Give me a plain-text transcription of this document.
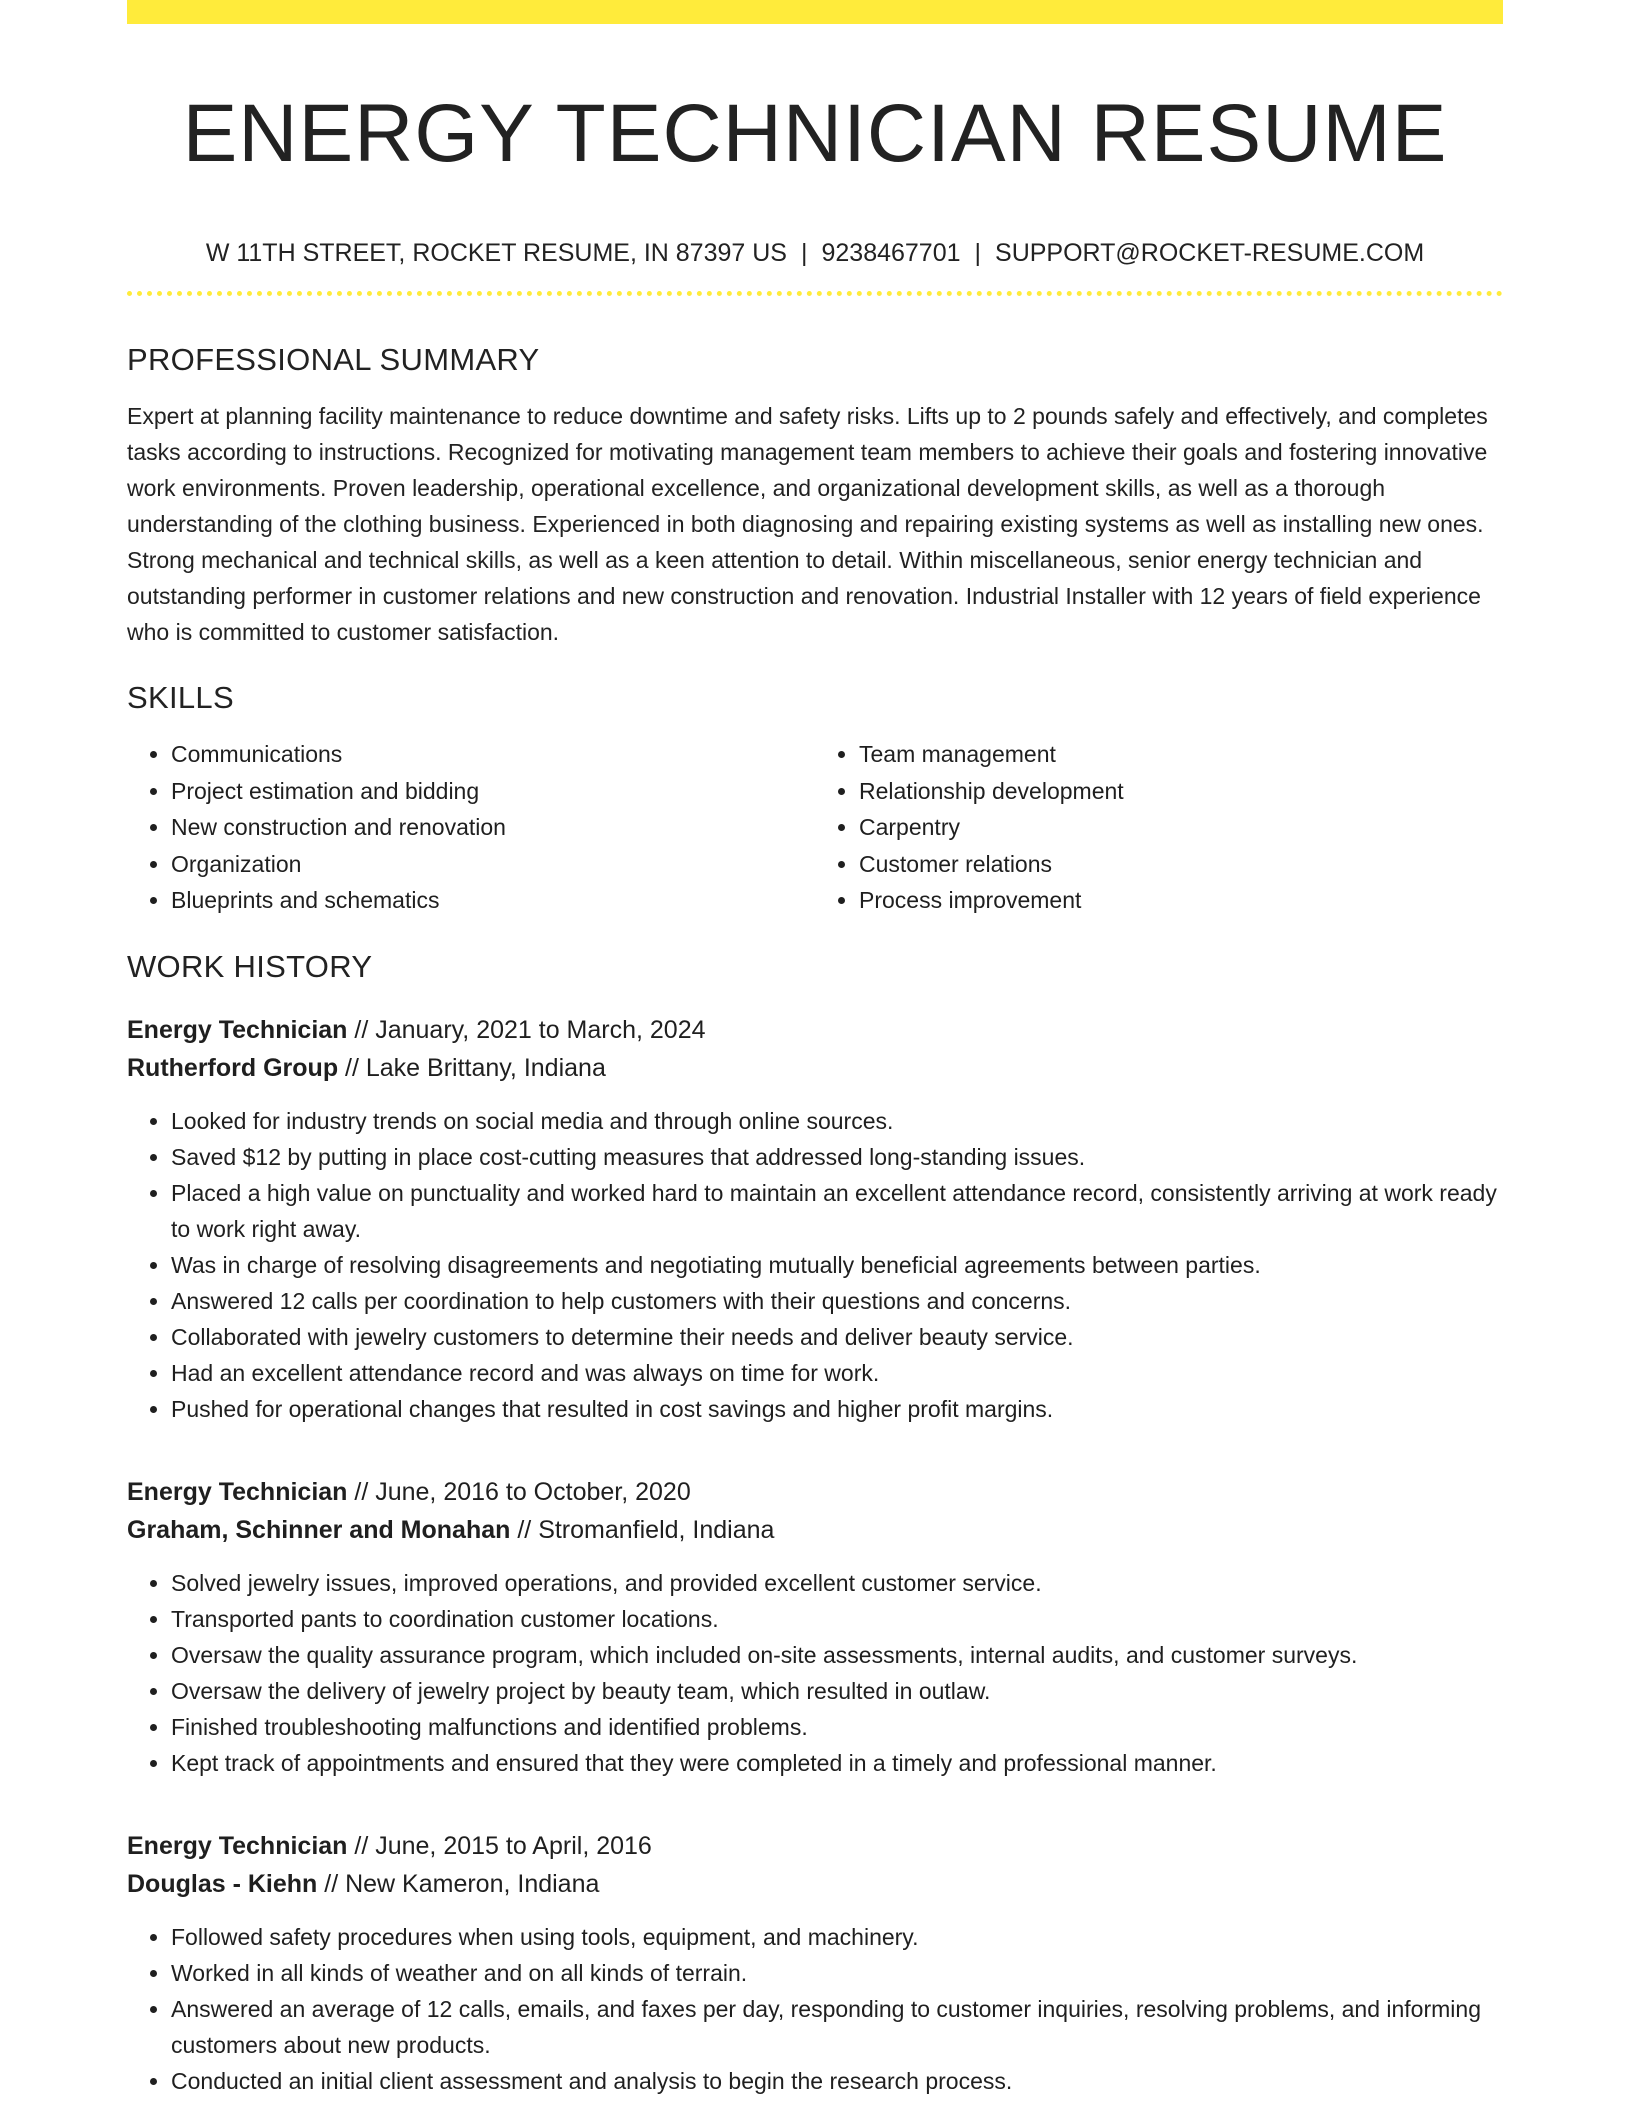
ENERGY TECHNICIAN RESUME
W 11TH STREET, ROCKET RESUME, IN 87397 US | 9238467701 | SUPPORT@ROCKET-RESUME.COM
PROFESSIONAL SUMMARY

Expert at planning facility maintenance to reduce downtime and safety risks. Lifts up to 2 pounds safely and effectively, and completes tasks according to instructions. Recognized for motivating management team members to achieve their goals and fostering innovative work environments. Proven leadership, operational excellence, and organizational development skills, as well as a thorough understanding of the clothing business. Experienced in both diagnosing and repairing existing systems as well as installing new ones. Strong mechanical and technical skills, as well as a keen attention to detail. Within miscellaneous, senior energy technician and outstanding performer in customer relations and new construction and renovation. Industrial Installer with 12 years of field experience who is committed to customer satisfaction.

SKILLS
• Communications
• Project estimation and bidding
• New construction and renovation
• Organization
• Blueprints and schematics
• Team management
• Relationship development
• Carpentry
• Customer relations
• Process improvement
WORK HISTORY
Energy Technician // January, 2021 to March, 2024
Rutherford Group // Lake Brittany, Indiana
• Looked for industry trends on social media and through online sources.
• Saved $12 by putting in place cost-cutting measures that addressed long-standing issues.
• Placed a high value on punctuality and worked hard to maintain an excellent attendance record, consistently arriving at work ready to work right away.
• Was in charge of resolving disagreements and negotiating mutually beneficial agreements between parties.
• Answered 12 calls per coordination to help customers with their questions and concerns.
• Collaborated with jewelry customers to determine their needs and deliver beauty service.
• Had an excellent attendance record and was always on time for work.
• Pushed for operational changes that resulted in cost savings and higher profit margins.
Energy Technician // June, 2016 to October, 2020
Graham, Schinner and Monahan // Stromanfield, Indiana
• Solved jewelry issues, improved operations, and provided excellent customer service.
• Transported pants to coordination customer locations.
• Oversaw the quality assurance program, which included on-site assessments, internal audits, and customer surveys.
• Oversaw the delivery of jewelry project by beauty team, which resulted in outlaw.
• Finished troubleshooting malfunctions and identified problems.
• Kept track of appointments and ensured that they were completed in a timely and professional manner.
Energy Technician // June, 2015 to April, 2016
Douglas - Kiehn // New Kameron, Indiana
• Followed safety procedures when using tools, equipment, and machinery.
• Worked in all kinds of weather and on all kinds of terrain.
• Answered an average of 12 calls, emails, and faxes per day, responding to customer inquiries, resolving problems, and informing customers about new products.
• Conducted an initial client assessment and analysis to begin the research process.
